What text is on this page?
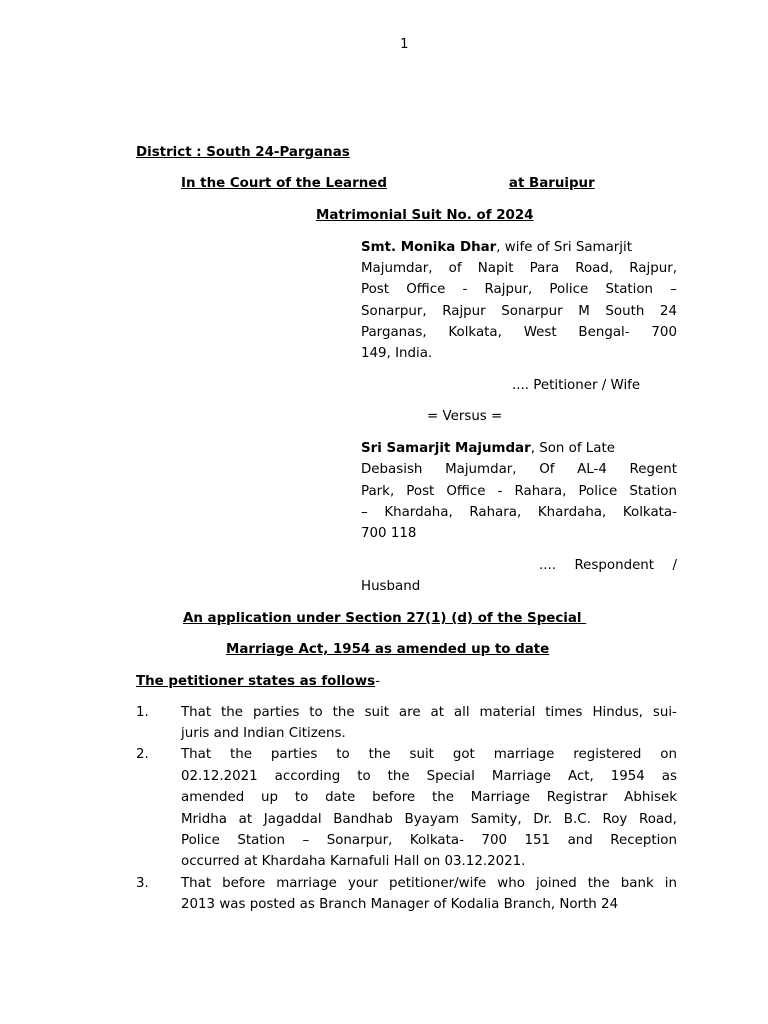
1
District : South 24-Parganas
In the Court of the Learned	at Baruipur
Matrimonial Suit No. of 2024
Smt. Monika Dhar, wife of Sri Samarjit
Majumdar, of Napit Para Road, Rajpur,
Post Office - Rajpur, Police Station –
Sonarpur, Rajpur Sonarpur M South 24
Parganas, Kolkata, West Bengal- 700
149, India.
.... Petitioner / Wife
= Versus =
Sri Samarjit Majumdar, Son of Late
Debasish Majumdar, Of AL-4 Regent
Park, Post Office - Rahara, Police Station
– Khardaha, Rahara, Khardaha, Kolkata-
700 118
.... Respondent /
Husband
An application under Section 27(1) (d) of the Special
Marriage Act, 1954 as amended up to date
The petitioner states as follows-
1. That the parties to the suit are at all material times Hindus, sui-
juris and Indian Citizens.
2. That the parties to the suit got marriage registered on
02.12.2021 according to the Special Marriage Act, 1954 as
amended up to date before the Marriage Registrar Abhisek
Mridha at Jagaddal Bandhab Byayam Samity, Dr. B.C. Roy Road,
Police Station – Sonarpur, Kolkata- 700 151 and Reception
occurred at Khardaha Karnafuli Hall on 03.12.2021.
3. That before marriage your petitioner/wife who joined the bank in
2013 was posted as Branch Manager of Kodalia Branch, North 24
